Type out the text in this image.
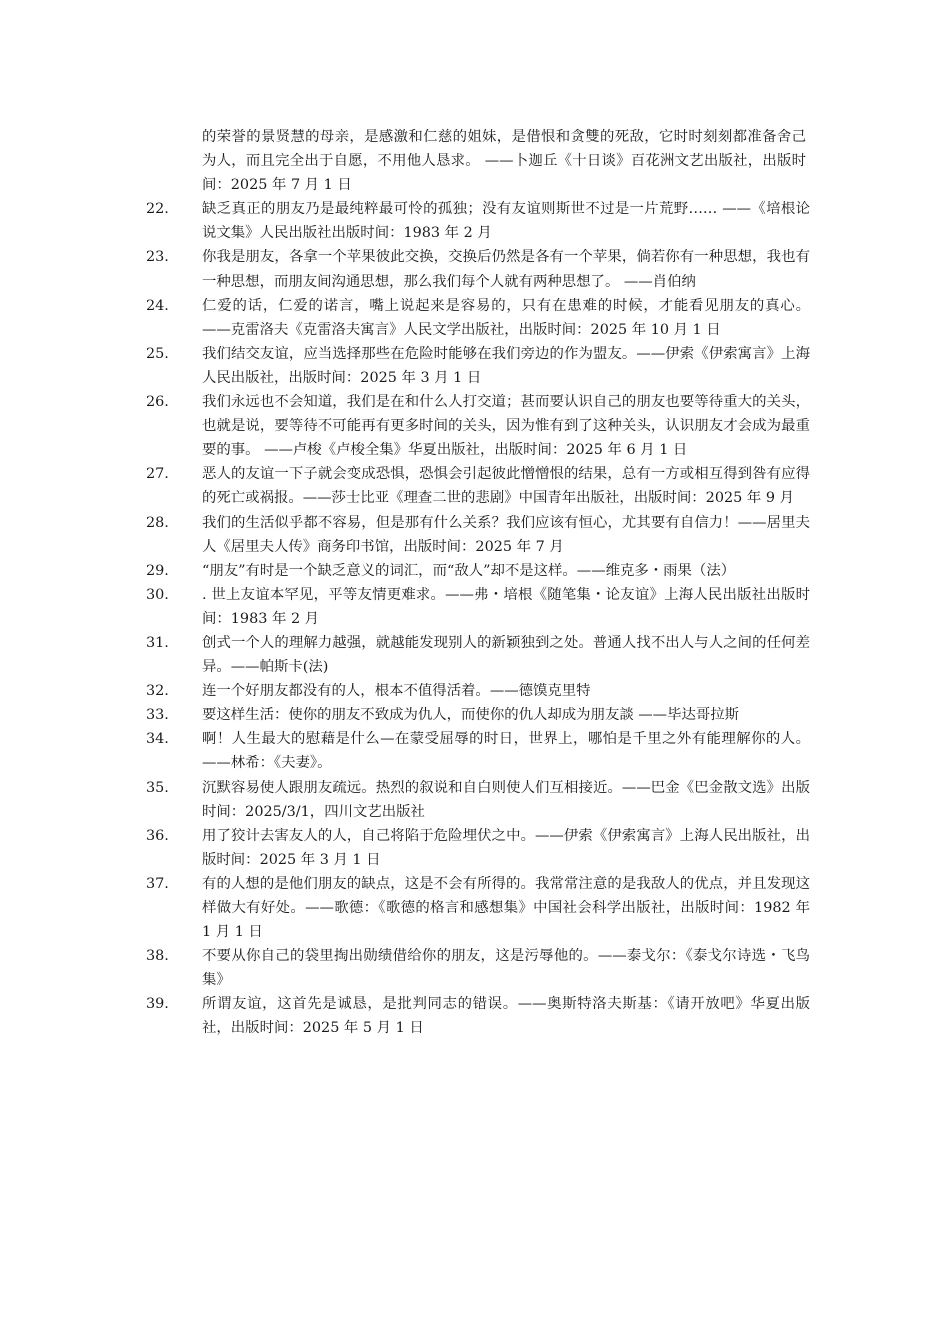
的荣誉的景贤慧的母亲，是感激和仁慈的姐妹，是借恨和贪雙的死敌，它时时刻刻都准备舍己为人，而且完全出于自愿，不用他人恳求。 ——卜迦丘《十日谈》百花洲文艺出版社，出版时间：2025 年 7 月 1 日
22.	缺乏真正的朋友乃是最纯粹最可怜的孤独；没有友谊则斯世不过是一片荒野…… ——《培根论说文集》人民出版社出版时间：1983 年 2 月
23.	你我是朋友，各拿一个苹果彼此交换，交换后仍然是各有一个苹果，倘若你有一种思想，我也有一种思想，而朋友间沟通思想，那么我们每个人就有两种思想了。 ——肖伯纳
24.	仁爱的话，仁爱的诺言，嘴上说起来是容易的，只有在患难的时候，才能看见朋友的真心。 ——克雷洛夫《克雷洛夫寓言》人民文学出版社，出版时间：2025 年 10 月 1 日
25.	我们结交友谊，应当选择那些在危险时能够在我们旁边的作为盟友。——伊索《伊索寓言》上海人民出版社，出版时间：2025 年 3 月 1 日
26.	我们永远也不会知道，我们是在和什么人打交道；甚而要认识自己的朋友也要等待重大的关头，也就是说，要等待不可能再有更多时间的关头，因为惟有到了这种关头，认识朋友才会成为最重要的事。 ——卢梭《卢梭全集》华夏出版社，出版时间：2025 年 6 月 1 日
27.	恶人的友谊一下子就会变成恐惧，恐惧会引起彼此憎憎恨的结果，总有一方或相互得到咎有应得的死亡或祸报。——莎士比亚《理查二世的悲剧》中国青年出版社，出版时间：2025 年 9 月
28.	我们的生活似乎都不容易，但是那有什么关系？我们应该有恒心，尤其要有自信力！——居里夫人《居里夫人传》商务印书馆，出版时间：2025 年 7 月
29.	“朋友”有时是一个缺乏意义的词汇，而“敌人”却不是这样。——维克多・雨果（法）
30.	. 世上友谊本罕见，平等友情更难求。——弗・培根《随笔集・论友谊》上海人民出版社出版时间：1983 年 2 月
31.	创式一个人的理解力越强，就越能发现别人的新颖独到之处。普通人找不出人与人之间的任何差异。——帕斯卡(法)
32.	连一个好朋友都没有的人，根本不值得活着。——德馍克里特
33.	要这样生活：使你的朋友不致成为仇人，而使你的仇人却成为朋友談 ——毕达哥拉斯
34.	啊！人生最大的慰藉是什么—在蒙受屈辱的时日，世界上，哪怕是千里之外有能理解你的人。——林希：《夫妻》。
35.	沉默容易使人跟朋友疏远。热烈的叙说和自白则使人们互相接近。——巴金《巴金散文选》出版时间：2025/3/1，四川文艺出版社
36.	用了狡计去害友人的人，自己将陷于危险埋伏之中。——伊索《伊索寓言》上海人民出版社，出版时间：2025 年 3 月 1 日
37.	有的人想的是他们朋友的缺点，这是不会有所得的。我常常注意的是我敌人的优点，并且发现这样做大有好处。——歌德：《歌德的格言和感想集》中国社会科学出版社，出版时间：1982 年 1 月 1 日
38.	不要从你自己的袋里掏出勋绩借给你的朋友，这是污辱他的。——泰戈尔：《泰戈尔诗选・飞鸟集》
39.	所谓友谊，这首先是诚恳，是批判同志的错误。——奥斯特洛夫斯基：《请开放吧》华夏出版社，出版时间：2025 年 5 月 1 日
